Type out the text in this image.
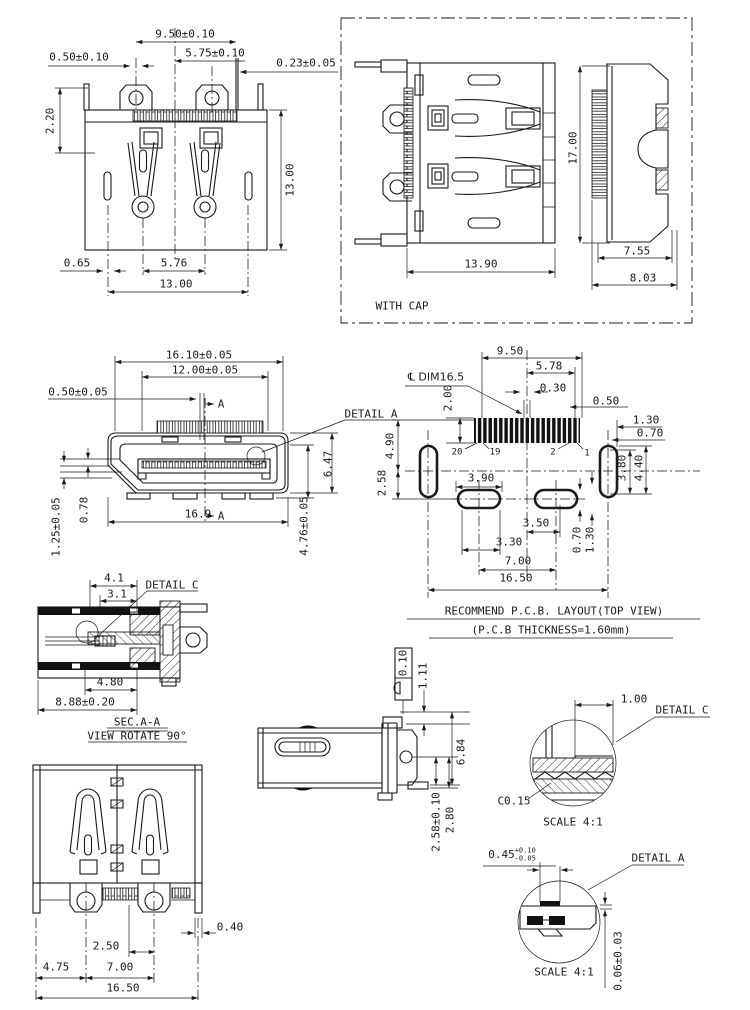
9.50±0.10
0.50±0.10	5.75±0.10
0.23±0.05
2.20
13.00
0.65	5.76
13.00
WITH CAP
13.90
17.00
7.55
8.03
16.10±0.05
12.00±0.05
0.50±0.05
A
A
DETAIL A
6.47
16.9
0.78
1.25±0.05	4.76±0.05
9.50
5.78
0.30
0.50
℄ DIM16.5
2.00
1.30
0.70
20	19	2	1
4.90
2.58	3.90	3.80 4.40
3.50
0.70 1.30
3.30
7.00
16.50
RECOMMEND P.C.B. LAYOUT(TOP VIEW)
(P.C.B THICKNESS=1.60mm)
4.1
3.1
DETAIL C
4.80
8.88±0.20
SEC.A-A
VIEW ROTATE 90°
0.40
2.50
4.75	7.00
16.50
0.10 1.11
6.84
2.58±0.10 2.80
1.00
DETAIL C
C0.15
SCALE 4:1
0.45 +0.10
-0.05	DETAIL A
0.06±0.03
SCALE 4:1
